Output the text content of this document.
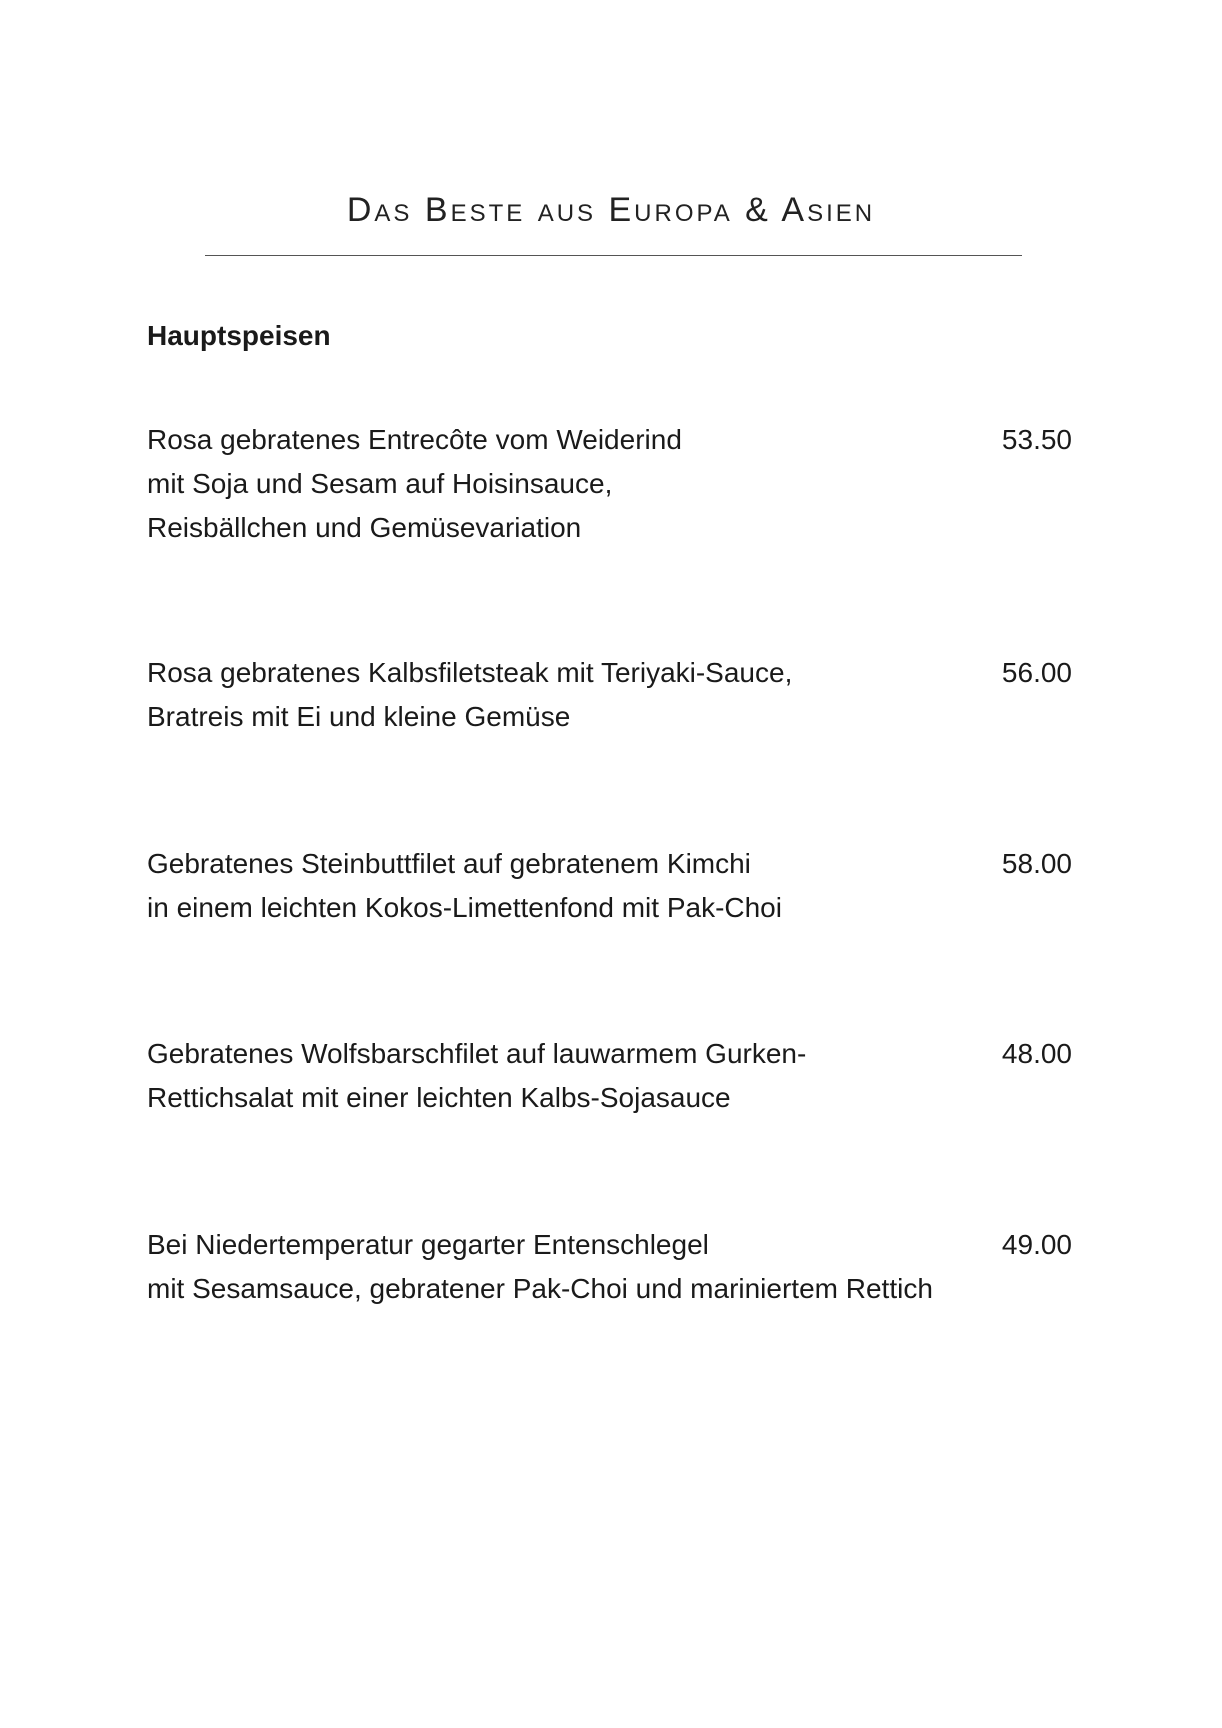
Das Beste aus Europa & Asien
Hauptspeisen

Rosa gebratenes Entrecôte vom Weiderind
mit Soja und Sesam auf Hoisinsauce,
Reisbällchen und Gemüsevariation

53.50

Rosa gebratenes Kalbsfiletsteak mit Teriyaki-Sauce,
Bratreis mit Ei und kleine Gemüse

56.00

Gebratenes Steinbuttfilet auf gebratenem Kimchi
in einem leichten Kokos-Limettenfond mit Pak-Choi

58.00

Gebratenes Wolfsbarschfilet auf lauwarmem Gurken-
Rettichsalat mit einer leichten Kalbs-Sojasauce

48.00

Bei Niedertemperatur gegarter Entenschlegel
mit Sesamsauce, gebratener Pak-Choi und mariniertem Rettich

49.00
